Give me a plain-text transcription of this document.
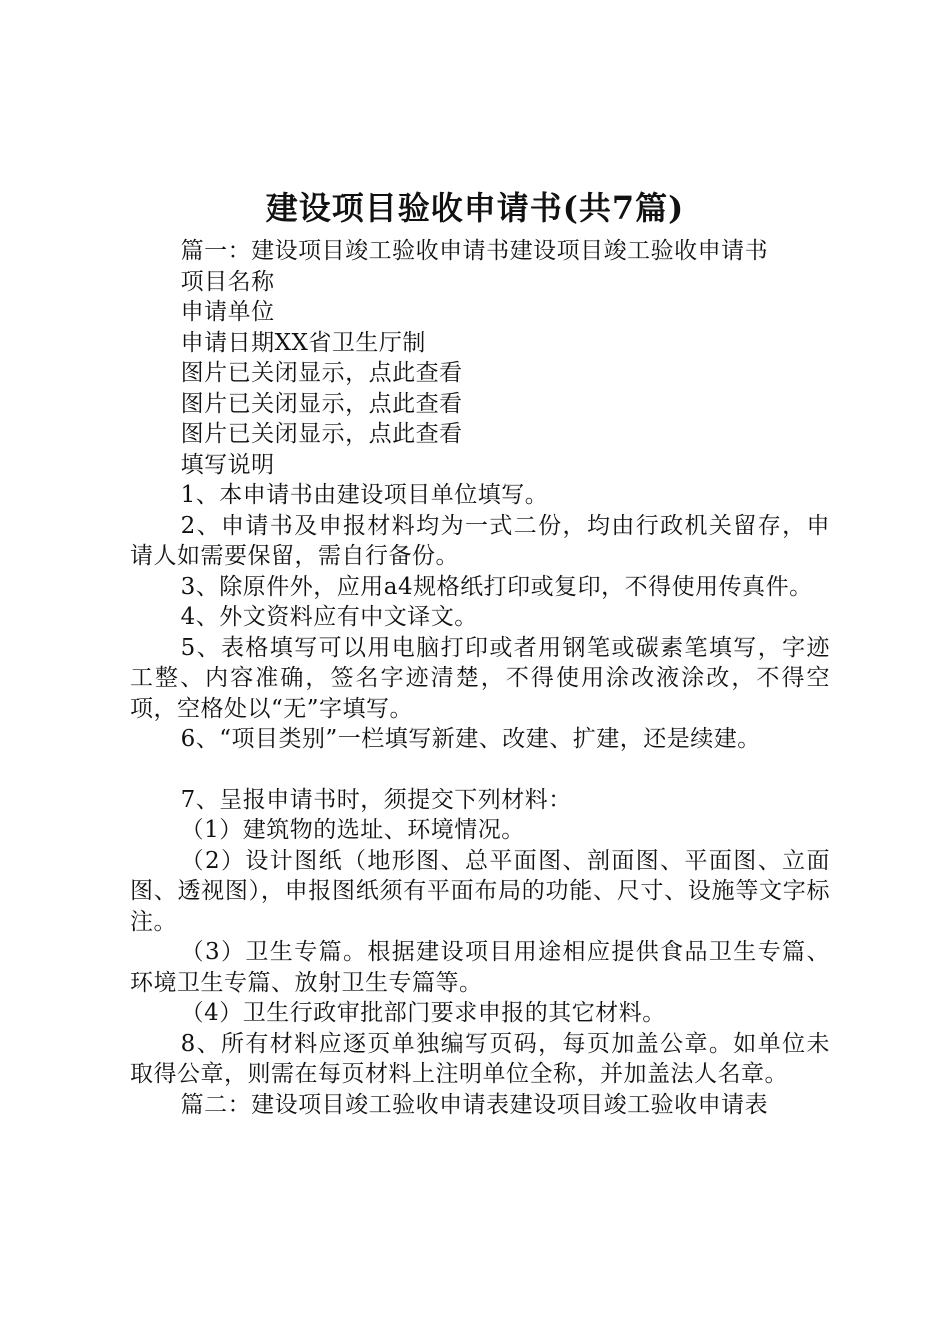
建设项目验收申请书(共7篇)

篇一：建设项目竣工验收申请书建设项目竣工验收申请书

项目名称

申请单位

申请日期XX省卫生厅制

图片已关闭显示，点此查看

图片已关闭显示，点此查看

图片已关闭显示，点此查看

填写说明

1、本申请书由建设项目单位填写。

2、申请书及申报材料均为一式二份，均由行政机关留存，申请人如需要保留，需自行备份。

3、除原件外，应用a4规格纸打印或复印，不得使用传真件。

4、外文资料应有中文译文。

5、表格填写可以用电脑打印或者用钢笔或碳素笔填写，字迹工整、内容准确，签名字迹清楚，不得使用涂改液涂改，不得空项，空格处以“无”字填写。

6、“项目类别”一栏填写新建、改建、扩建，还是续建。

7、呈报申请书时，须提交下列材料：

（1）建筑物的选址、环境情况。

（2）设计图纸（地形图、总平面图、剖面图、平面图、立面图、透视图），申报图纸须有平面布局的功能、尺寸、设施等文字标注。

（3）卫生专篇。根据建设项目用途相应提供食品卫生专篇、环境卫生专篇、放射卫生专篇等。

（4）卫生行政审批部门要求申报的其它材料。

8、所有材料应逐页单独编写页码，每页加盖公章。如单位未取得公章，则需在每页材料上注明单位全称，并加盖法人名章。

篇二：建设项目竣工验收申请表建设项目竣工验收申请表
